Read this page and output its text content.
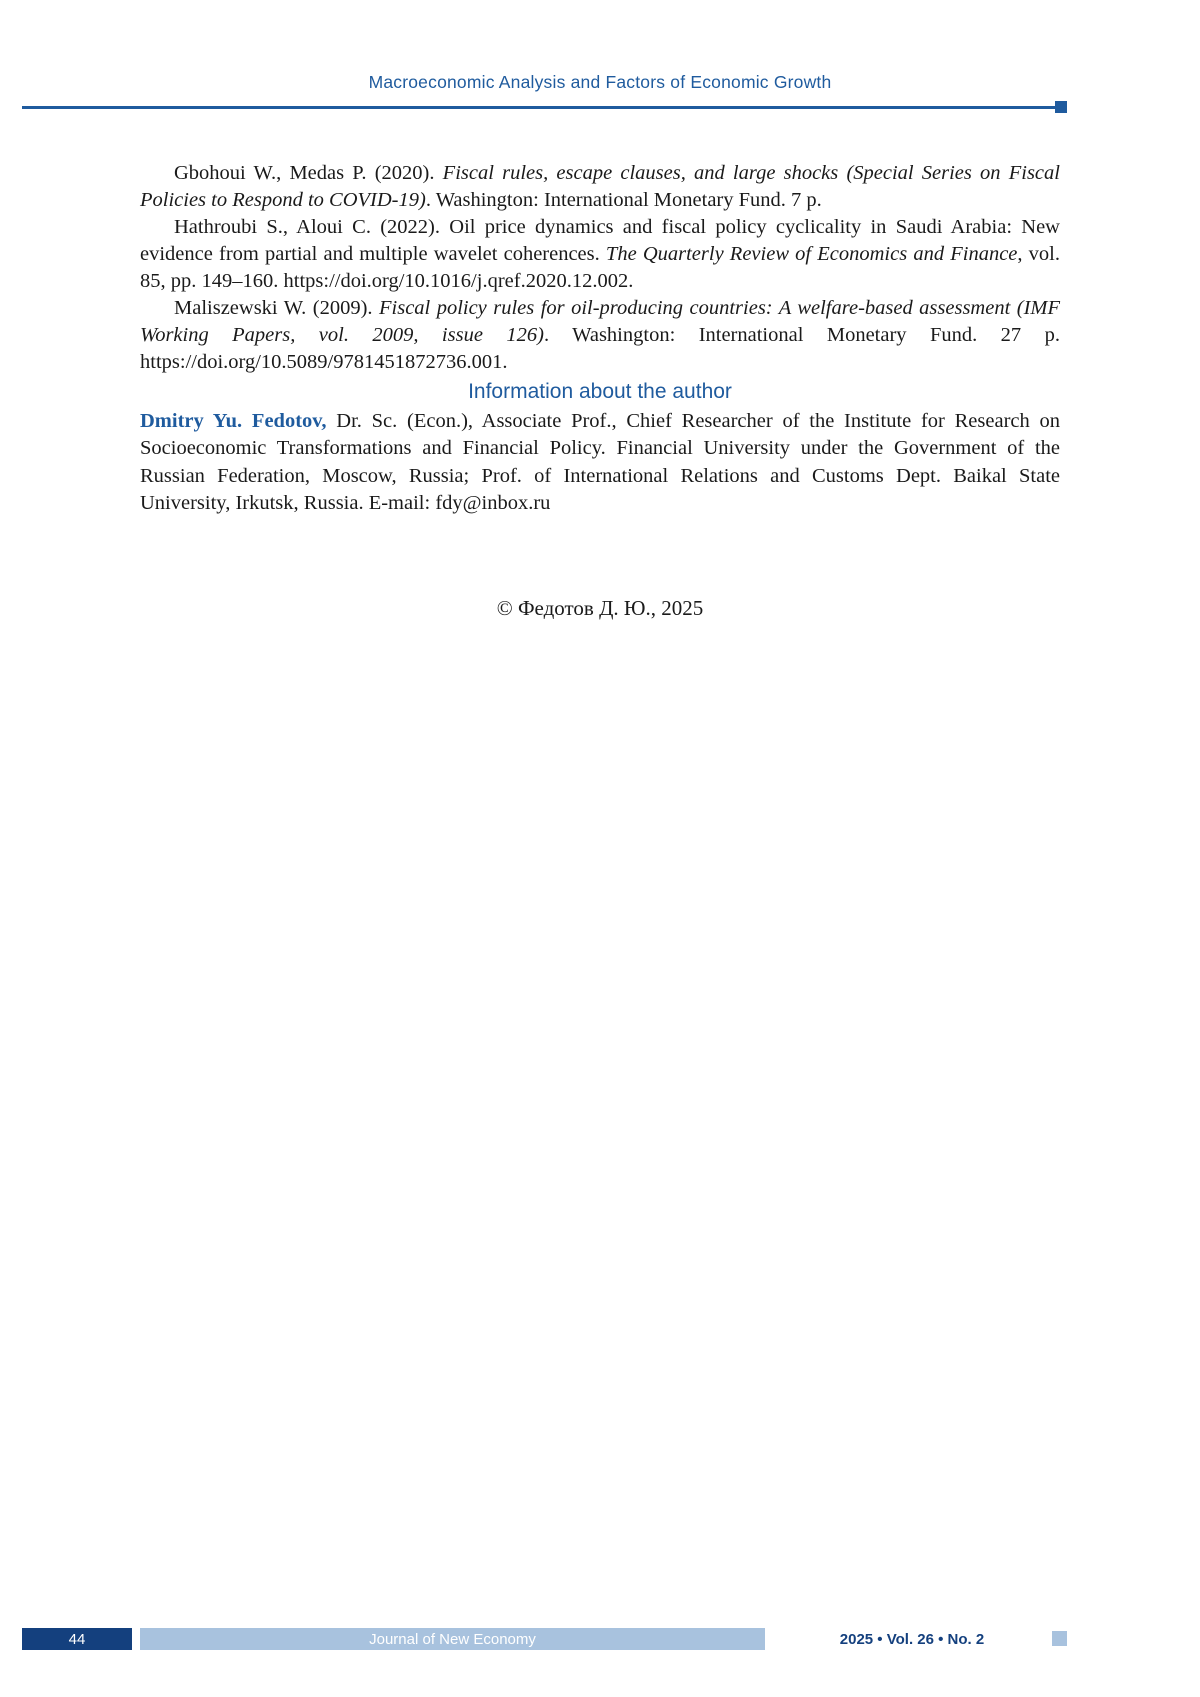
Macroeconomic Analysis and Factors of Economic Growth

Gbohoui W., Medas P. (2020). Fiscal rules, escape clauses, and large shocks (Special Series on Fiscal Policies to Respond to COVID-19). Washington: International Monetary Fund. 7 p.

Hathroubi S., Aloui C. (2022). Oil price dynamics and fiscal policy cyclicality in Saudi Arabia: New evidence from partial and multiple wavelet coherences. The Quarterly Review of Economics and Finance, vol. 85, pp. 149–160. https://doi.org/10.1016/j.qref.2020.12.002.

Maliszewski W. (2009). Fiscal policy rules for oil-producing countries: A welfare-based assessment (IMF Working Papers, vol. 2009, issue 126). Washington: International Monetary Fund. 27 p. https://doi.org/10.5089/9781451872736.001.

Information about the author
Dmitry Yu. Fedotov, Dr. Sc. (Econ.), Associate Prof., Chief Researcher of the Institute for Research on Socioeconomic Transformations and Financial Policy. Financial University under the Government of the Russian Federation, Moscow, Russia; Prof. of International Relations and Customs Dept. Baikal State University, Irkutsk, Russia. E-mail: fdy@inbox.ru
© Федотов Д. Ю., 2025
44	Journal of New Economy	2025 • Vol. 26 • No. 2
